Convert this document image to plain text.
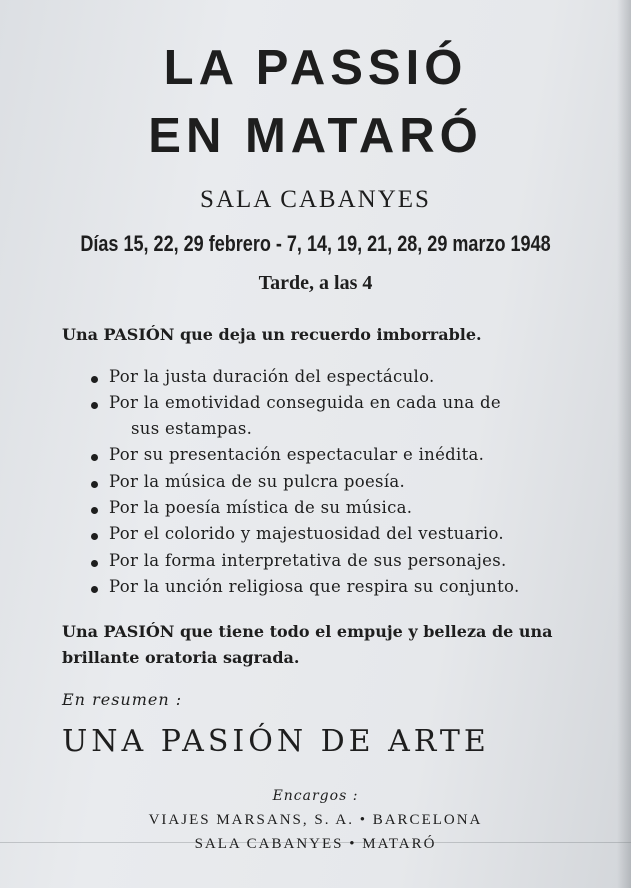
LA PASSIÓ
EN MATARÓ
SALA CABANYES
Días 15, 22, 29 febrero - 7, 14, 19, 21, 28, 29 marzo 1948
Tarde, a las 4
Una PASIÓN que deja un recuerdo imborrable.
Por la justa duración del espectáculo.
Por la emotividad conseguida en cada una de
sus estampas.
Por su presentación espectacular e inédita.
Por la música de su pulcra poesía.
Por la poesía mística de su música.
Por el colorido y majestuosidad del vestuario.
Por la forma interpretativa de sus personajes.
Por la unción religiosa que respira su conjunto.
Una PASIÓN que tiene todo el empuje y belleza de una
brillante oratoria sagrada.
En resumen :
UNA PASIÓN DE ARTE
Encargos :
VIAJES MARSANS, S. A. • BARCELONA
SALA CABANYES • MATARÓ
